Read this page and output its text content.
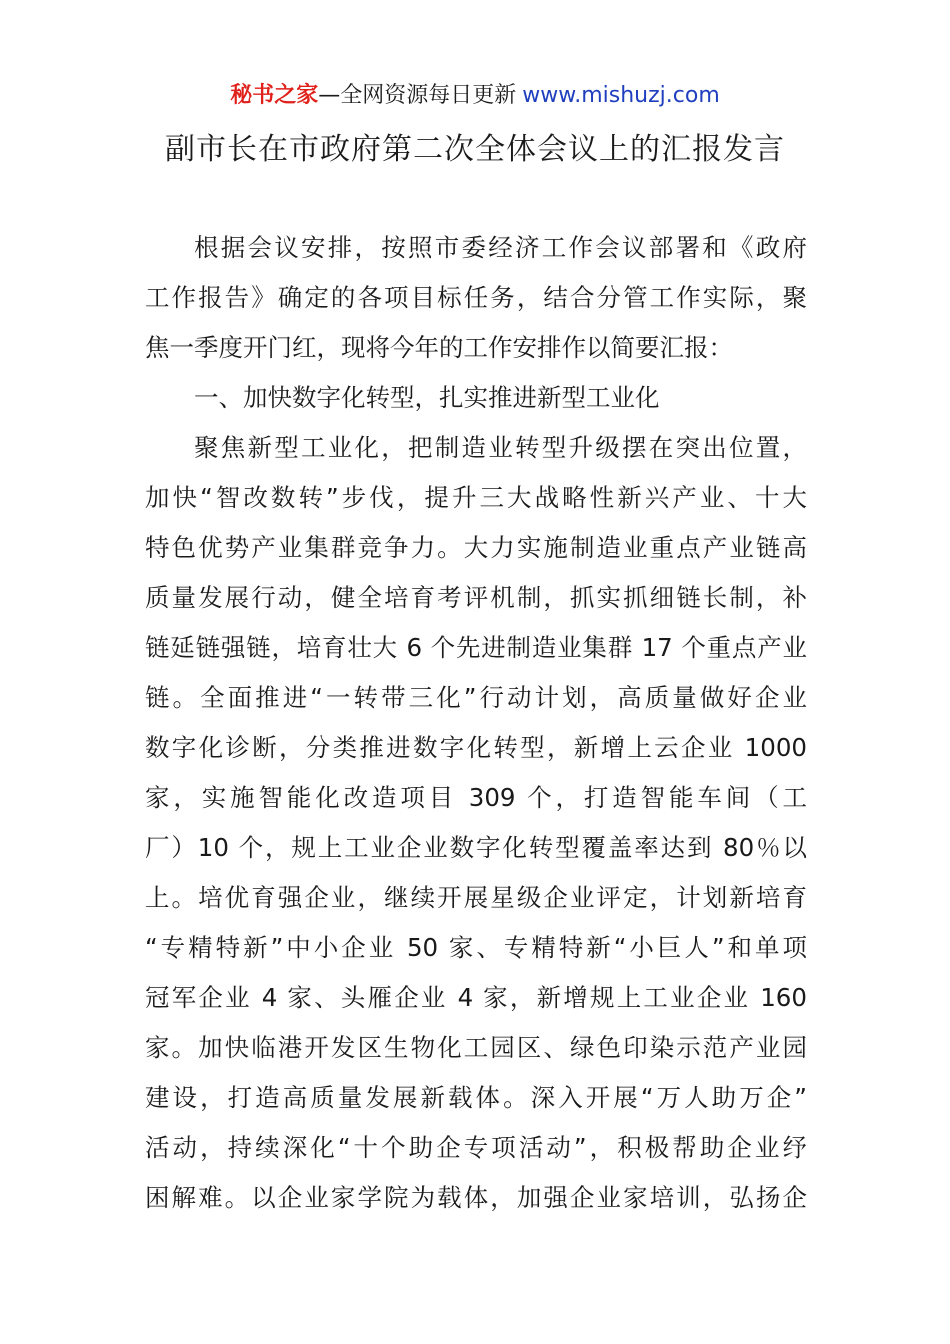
秘书之家—全网资源每日更新 www.mishuzj.com
副市长在市政府第二次全体会议上的汇报发言
根据会议安排，按照市委经济工作会议部署和《政府
工作报告》确定的各项目标任务，结合分管工作实际，聚
焦一季度开门红，现将今年的工作安排作以简要汇报：
一、加快数字化转型，扎实推进新型工业化
聚焦新型工业化，把制造业转型升级摆在突出位置，
加快“智改数转”步伐，提升三大战略性新兴产业、十大
特色优势产业集群竞争力。大力实施制造业重点产业链高
质量发展行动，健全培育考评机制，抓实抓细链长制，补
链延链强链，培育壮大 6 个先进制造业集群 17 个重点产业
链。全面推进“一转带三化”行动计划，高质量做好企业
数字化诊断，分类推进数字化转型，新增上云企业 1000
家，实施智能化改造项目 309 个，打造智能车间（工
厂）10 个，规上工业企业数字化转型覆盖率达到 80％以
上。培优育强企业，继续开展星级企业评定，计划新培育
“专精特新”中小企业 50 家、专精特新“小巨人”和单项
冠军企业 4 家、头雁企业 4 家，新增规上工业企业 160
家。加快临港开发区生物化工园区、绿色印染示范产业园
建设，打造高质量发展新载体。深入开展“万人助万企”
活动，持续深化“十个助企专项活动”，积极帮助企业纾
困解难。以企业家学院为载体，加强企业家培训，弘扬企
